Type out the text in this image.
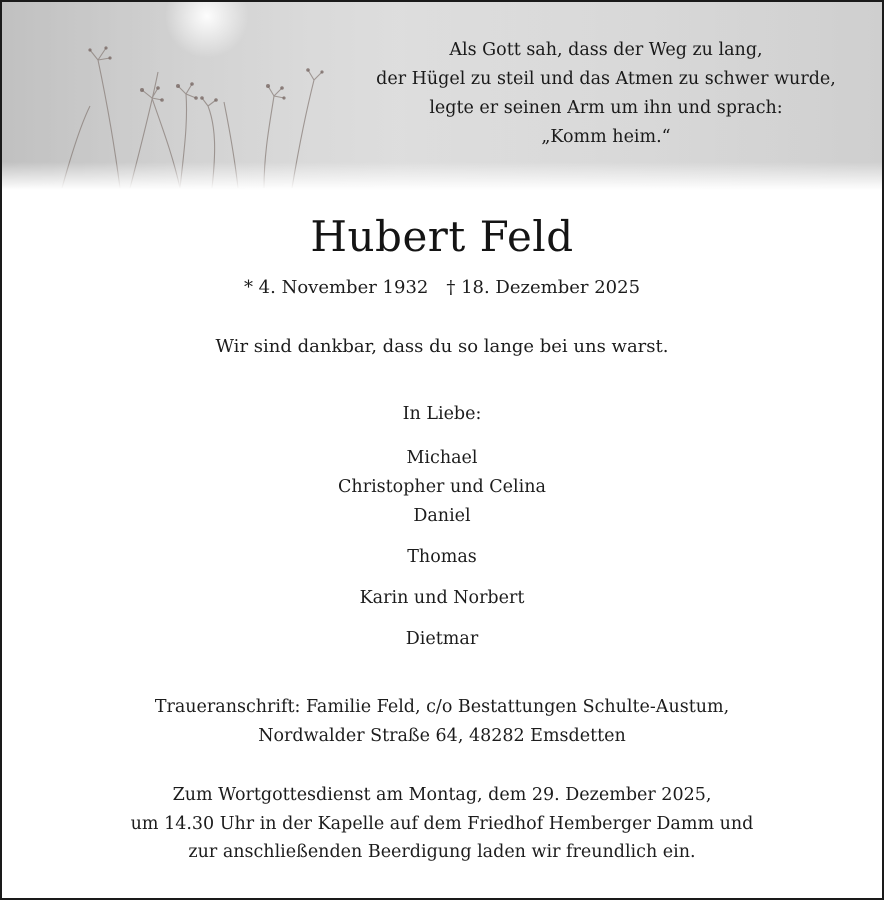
Als Gott sah, dass der Weg zu lang,
der Hügel zu steil und das Atmen zu schwer wurde,
legte er seinen Arm um ihn und sprach:
„Komm heim.“
Hubert Feld
* 4. November 1932 † 18. Dezember 2025
Wir sind dankbar, dass du so lange bei uns warst.
In Liebe:
Michael
Christopher und Celina
Daniel
Thomas
Karin und Norbert
Dietmar
Traueranschrift: Familie Feld, c/o Bestattungen Schulte-Austum,
Nordwalder Straße 64, 48282 Emsdetten
Zum Wortgottesdienst am Montag, dem 29. Dezember 2025,
um 14.30 Uhr in der Kapelle auf dem Friedhof Hemberger Damm und
zur anschließenden Beerdigung laden wir freundlich ein.
